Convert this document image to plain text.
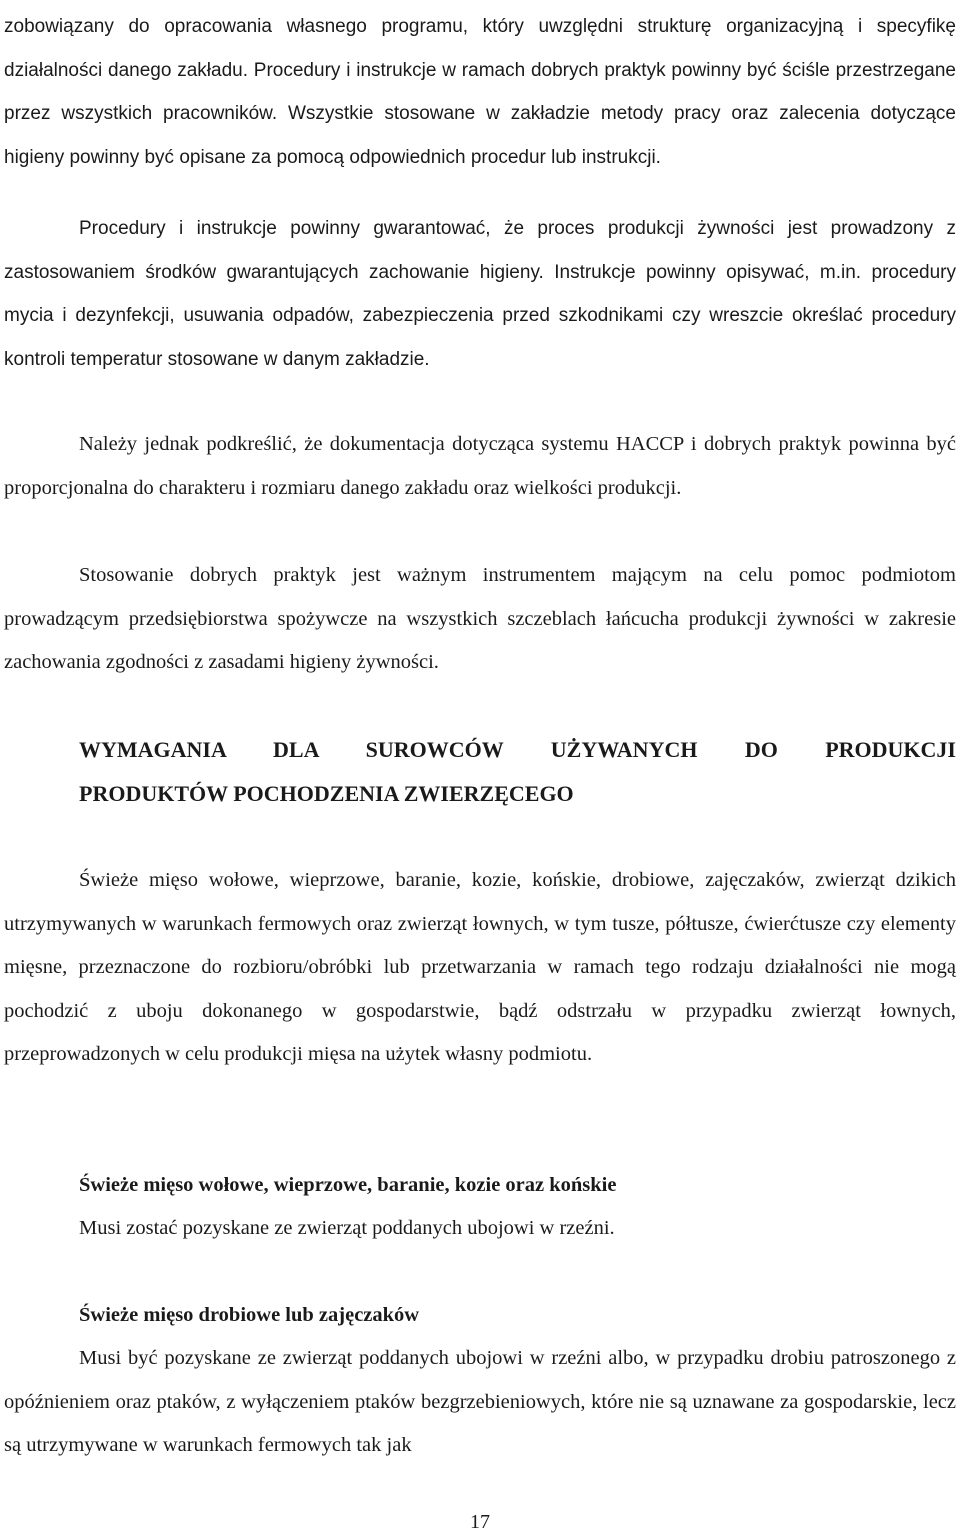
zobowiązany do opracowania własnego programu, który uwzględni strukturę organizacyjną i specyfikę działalności danego zakładu. Procedury i instrukcje w ramach dobrych praktyk powinny być ściśle przestrzegane przez wszystkich pracowników. Wszystkie stosowane w zakładzie metody pracy oraz zalecenia dotyczące higieny powinny być opisane za pomocą odpowiednich procedur lub instrukcji.

Procedury i instrukcje powinny gwarantować, że proces produkcji żywności jest prowadzony z zastosowaniem środków gwarantujących zachowanie higieny. Instrukcje powinny opisywać, m.in. procedury mycia i dezynfekcji, usuwania odpadów, zabezpieczenia przed szkodnikami czy wreszcie określać procedury kontroli temperatur stosowane w danym zakładzie.

Należy jednak podkreślić, że dokumentacja dotycząca systemu HACCP i dobrych praktyk powinna być proporcjonalna do charakteru i rozmiaru danego zakładu oraz wielkości produkcji.

Stosowanie dobrych praktyk jest ważnym instrumentem mającym na celu pomoc podmiotom prowadzącym przedsiębiorstwa spożywcze na wszystkich szczeblach łańcucha produkcji żywności w zakresie zachowania zgodności z zasadami higieny żywności.

WYMAGANIA DLA SUROWCÓW UŻYWANYCH DO PRODUKCJI
PRODUKTÓW POCHODZENIA ZWIERZĘCEGO

Świeże mięso wołowe, wieprzowe, baranie, kozie, końskie, drobiowe, zajęczaków, zwierząt dzikich utrzymywanych w warunkach fermowych oraz zwierząt łownych, w tym tusze, półtusze, ćwierćtusze czy elementy mięsne, przeznaczone do rozbioru/obróbki lub przetwarzania w ramach tego rodzaju działalności nie mogą pochodzić z uboju dokonanego w gospodarstwie, bądź odstrzału w przypadku zwierząt łownych, przeprowadzonych w celu produkcji mięsa na użytek własny podmiotu.

Świeże mięso wołowe, wieprzowe, baranie, kozie oraz końskie

Musi zostać pozyskane ze zwierząt poddanych ubojowi w rzeźni.

Świeże mięso drobiowe lub zajęczaków

Musi być pozyskane ze zwierząt poddanych ubojowi w rzeźni albo, w przypadku drobiu patroszonego z opóźnieniem oraz ptaków, z wyłączeniem ptaków bezgrzebieniowych, które nie są uznawane za gospodarskie, lecz są utrzymywane w warunkach fermowych tak jak

17
